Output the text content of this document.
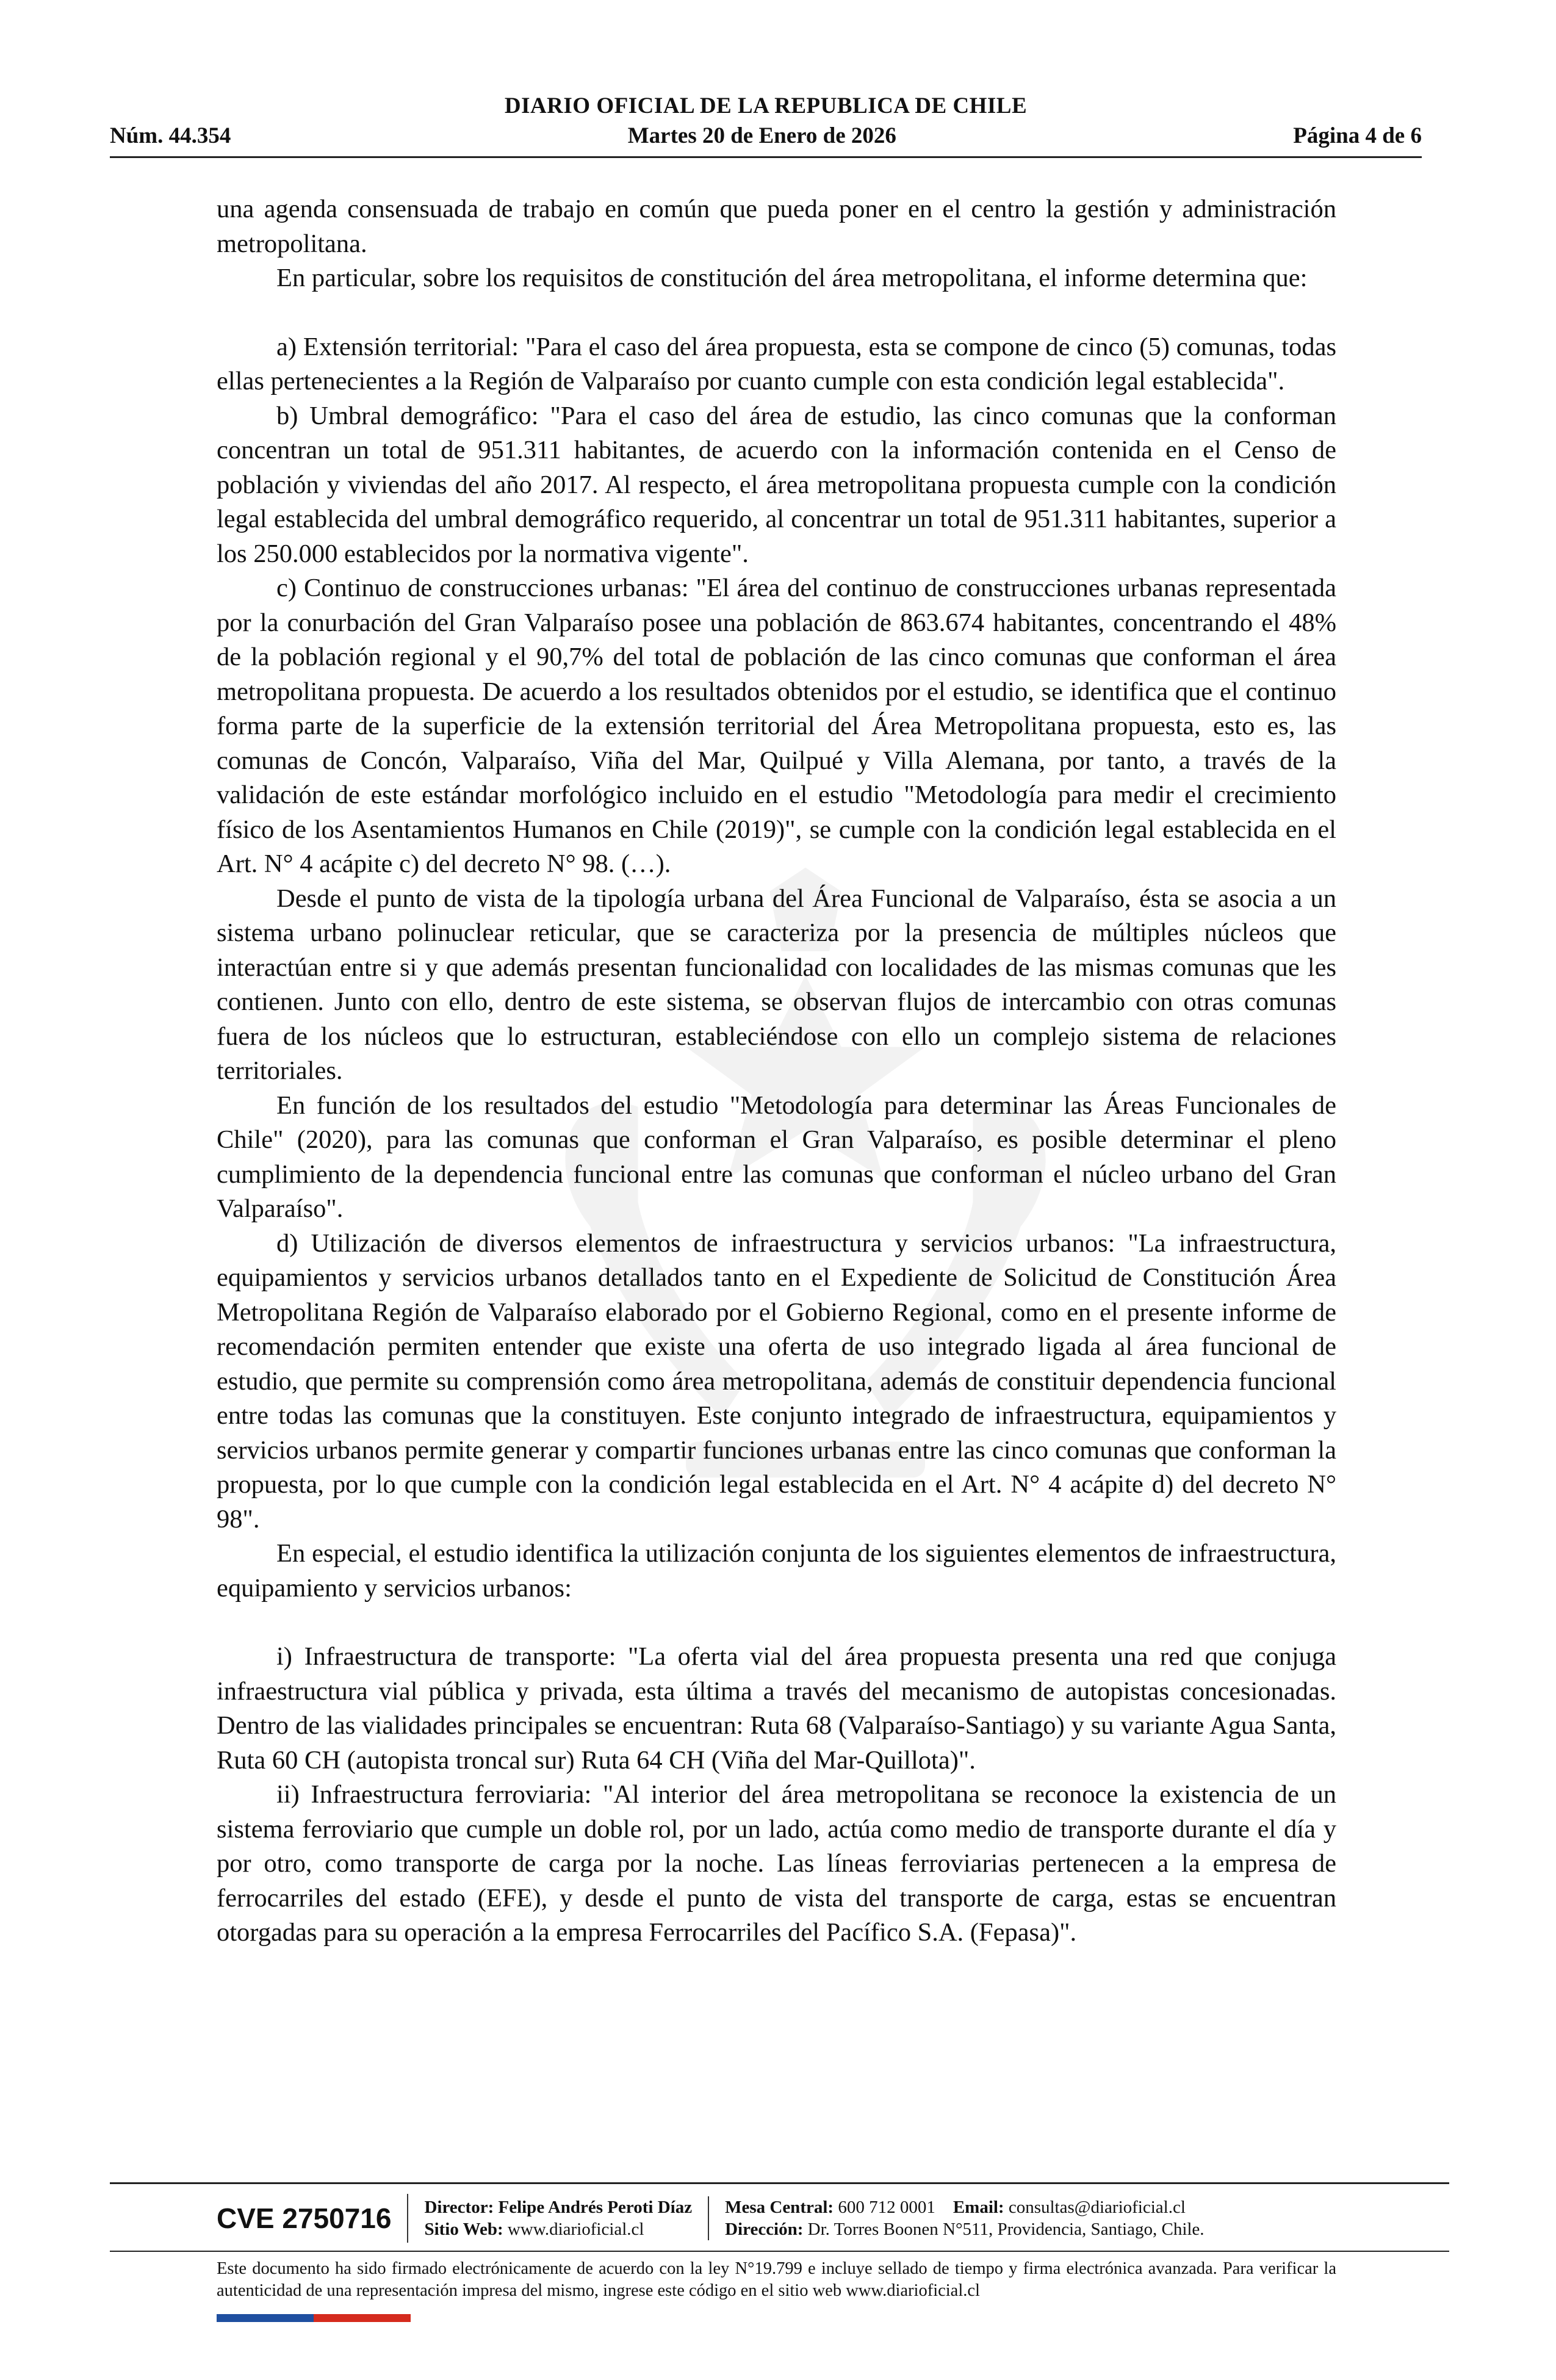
DIARIO OFICIAL DE LA REPUBLICA DE CHILE
Núm. 44.354	Martes 20 de Enero de 2026	Página 4 de 6

una agenda consensuada de trabajo en común que pueda poner en el centro la gestión y administración metropolitana.

En particular, sobre los requisitos de constitución del área metropolitana, el informe determina que:

a) Extensión territorial: "Para el caso del área propuesta, esta se compone de cinco (5) comunas, todas ellas pertenecientes a la Región de Valparaíso por cuanto cumple con esta condición legal establecida".

b) Umbral demográfico: "Para el caso del área de estudio, las cinco comunas que la conforman concentran un total de 951.311 habitantes, de acuerdo con la información contenida en el Censo de población y viviendas del año 2017. Al respecto, el área metropolitana propuesta cumple con la condición legal establecida del umbral demográfico requerido, al concentrar un total de 951.311 habitantes, superior a los 250.000 establecidos por la normativa vigente".

c) Continuo de construcciones urbanas: "El área del continuo de construcciones urbanas representada por la conurbación del Gran Valparaíso posee una población de 863.674 habitantes, concentrando el 48% de la población regional y el 90,7% del total de población de las cinco comunas que conforman el área metropolitana propuesta. De acuerdo a los resultados obtenidos por el estudio, se identifica que el continuo forma parte de la superficie de la extensión territorial del Área Metropolitana propuesta, esto es, las comunas de Concón, Valparaíso, Viña del Mar, Quilpué y Villa Alemana, por tanto, a través de la validación de este estándar morfológico incluido en el estudio "Metodología para medir el crecimiento físico de los Asentamientos Humanos en Chile (2019)", se cumple con la condición legal establecida en el Art. N° 4 acápite c) del decreto N° 98. (…).

Desde el punto de vista de la tipología urbana del Área Funcional de Valparaíso, ésta se asocia a un sistema urbano polinuclear reticular, que se caracteriza por la presencia de múltiples núcleos que interactúan entre si y que además presentan funcionalidad con localidades de las mismas comunas que les contienen. Junto con ello, dentro de este sistema, se observan flujos de intercambio con otras comunas fuera de los núcleos que lo estructuran, estableciéndose con ello un complejo sistema de relaciones territoriales.

En función de los resultados del estudio "Metodología para determinar las Áreas Funcionales de Chile" (2020), para las comunas que conforman el Gran Valparaíso, es posible determinar el pleno cumplimiento de la dependencia funcional entre las comunas que conforman el núcleo urbano del Gran Valparaíso".

d) Utilización de diversos elementos de infraestructura y servicios urbanos: "La infraestructura, equipamientos y servicios urbanos detallados tanto en el Expediente de Solicitud de Constitución Área Metropolitana Región de Valparaíso elaborado por el Gobierno Regional, como en el presente informe de recomendación permiten entender que existe una oferta de uso integrado ligada al área funcional de estudio, que permite su comprensión como área metropolitana, además de constituir dependencia funcional entre todas las comunas que la constituyen. Este conjunto integrado de infraestructura, equipamientos y servicios urbanos permite generar y compartir funciones urbanas entre las cinco comunas que conforman la propuesta, por lo que cumple con la condición legal establecida en el Art. N° 4 acápite d) del decreto N° 98".

En especial, el estudio identifica la utilización conjunta de los siguientes elementos de infraestructura, equipamiento y servicios urbanos:

i) Infraestructura de transporte: "La oferta vial del área propuesta presenta una red que conjuga infraestructura vial pública y privada, esta última a través del mecanismo de autopistas concesionadas. Dentro de las vialidades principales se encuentran: Ruta 68 (Valparaíso-Santiago) y su variante Agua Santa, Ruta 60 CH (autopista troncal sur) Ruta 64 CH (Viña del Mar-Quillota)".

ii) Infraestructura ferroviaria: "Al interior del área metropolitana se reconoce la existencia de un sistema ferroviario que cumple un doble rol, por un lado, actúa como medio de transporte durante el día y por otro, como transporte de carga por la noche. Las líneas ferroviarias pertenecen a la empresa de ferrocarriles del estado (EFE), y desde el punto de vista del transporte de carga, estas se encuentran otorgadas para su operación a la empresa Ferrocarriles del Pacífico S.A. (Fepasa)".

CVE 2750716	Director: Felipe Andrés Peroti Díaz
Sitio Web: www.diarioficial.cl
Mesa Central: 600 712 0001 Email: consultas@diarioficial.cl
Dirección: Dr. Torres Boonen N°511, Providencia, Santiago, Chile.
Este documento ha sido firmado electrónicamente de acuerdo con la ley N°19.799 e incluye sellado de tiempo y firma electrónica avanzada. Para verificar la autenticidad de una representación impresa del mismo, ingrese este código en el sitio web www.diarioficial.cl
